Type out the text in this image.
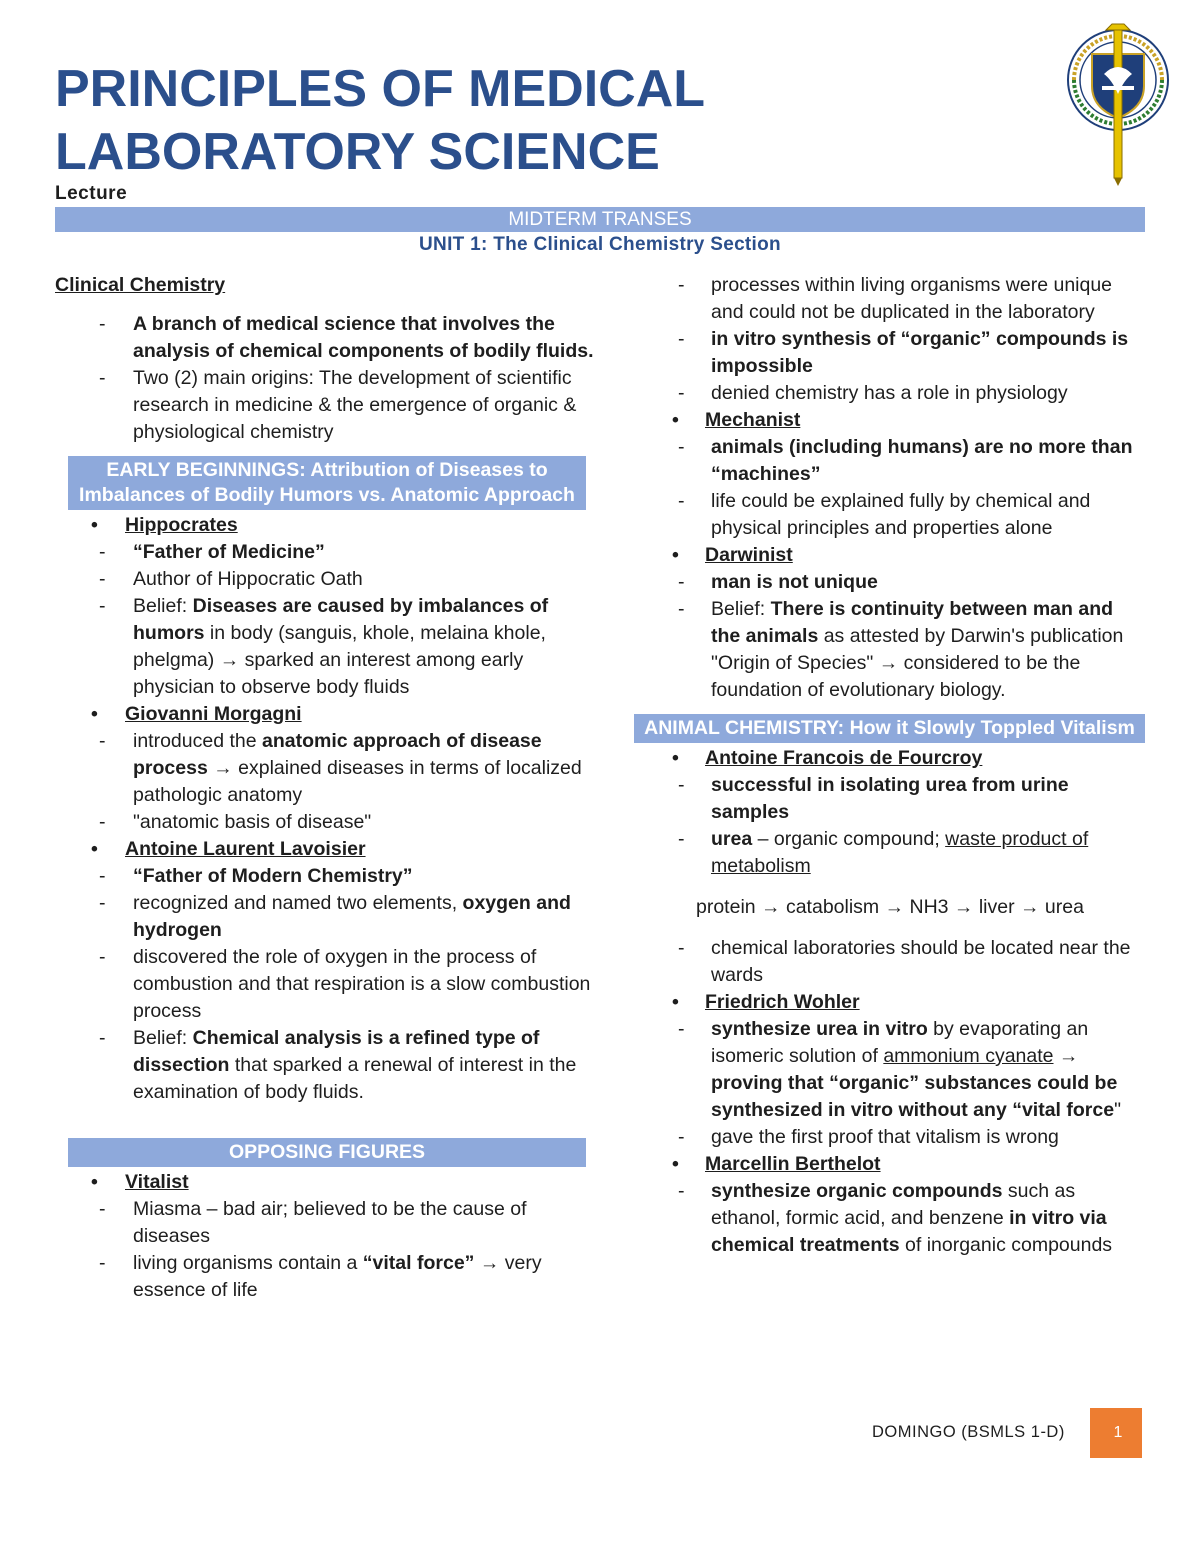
PRINCIPLES OF MEDICAL LABORATORY SCIENCE
Lecture
MIDTERM TRANSES
UNIT 1: The Clinical Chemistry Section
Clinical Chemistry
- A branch of medical science that involves the analysis of chemical components of bodily fluids.
- Two (2) main origins: The development of scientific research in medicine & the emergence of organic & physiological chemistry
EARLY BEGINNINGS: Attribution of Diseases to Imbalances of Bodily Humors vs. Anatomic Approach
• Hippocrates
- “Father of Medicine”
- Author of Hippocratic Oath
- Belief: Diseases are caused by imbalances of humors in body (sanguis, khole, melaina khole, phelgma) → sparked an interest among early physician to observe body fluids
• Giovanni Morgagni
- introduced the anatomic approach of disease process → explained diseases in terms of localized pathologic anatomy
- "anatomic basis of disease"
• Antoine Laurent Lavoisier
- “Father of Modern Chemistry”
- recognized and named two elements, oxygen and hydrogen
- discovered the role of oxygen in the process of combustion and that respiration is a slow combustion process
- Belief: Chemical analysis is a refined type of dissection that sparked a renewal of interest in the examination of body fluids.
OPPOSING FIGURES
• Vitalist
- Miasma – bad air; believed to be the cause of diseases
- living organisms contain a “vital force” → very essence of life
- processes within living organisms were unique and could not be duplicated in the laboratory
- in vitro synthesis of “organic” compounds is impossible
- denied chemistry has a role in physiology
• Mechanist
- animals (including humans) are no more than “machines”
- life could be explained fully by chemical and physical principles and properties alone
• Darwinist
- man is not unique
- Belief: There is continuity between man and the animals as attested by Darwin's publication "Origin of Species" → considered to be the foundation of evolutionary biology.
ANIMAL CHEMISTRY: How it Slowly Toppled Vitalism
• Antoine Francois de Fourcroy
- successful in isolating urea from urine samples
- urea – organic compound; waste product of metabolism
protein → catabolism → NH3 → liver → urea
- chemical laboratories should be located near the wards
• Friedrich Wohler
- synthesize urea in vitro by evaporating an isomeric solution of ammonium cyanate → proving that “organic” substances could be synthesized in vitro without any “vital force"
- gave the first proof that vitalism is wrong
• Marcellin Berthelot
- synthesize organic compounds such as ethanol, formic acid, and benzene in vitro via chemical treatments of inorganic compounds
DOMINGO (BSMLS 1-D)	1
